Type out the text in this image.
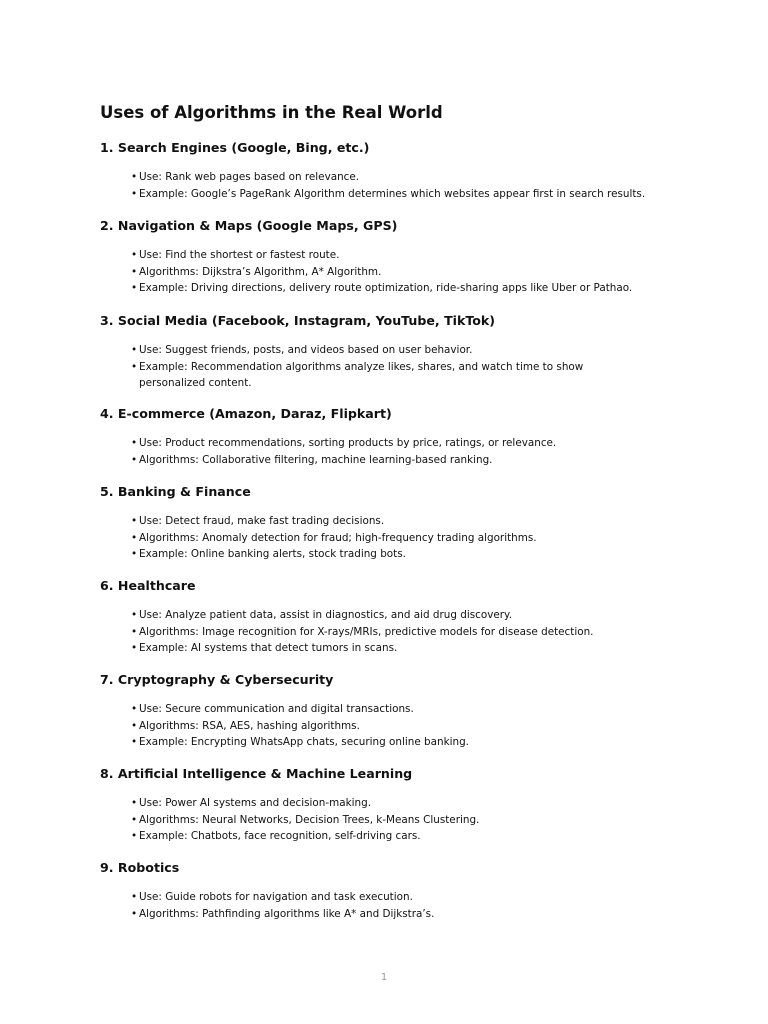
Uses of Algorithms in the Real World
1. Search Engines (Google, Bing, etc.)
• Use: Rank web pages based on relevance.
• Example: Google’s PageRank Algorithm determines which websites appear first in search results.
2. Navigation & Maps (Google Maps, GPS)
• Use: Find the shortest or fastest route.
• Algorithms: Dijkstra’s Algorithm, A* Algorithm.
• Example: Driving directions, delivery route optimization, ride-sharing apps like Uber or Pathao.
3. Social Media (Facebook, Instagram, YouTube, TikTok)
• Use: Suggest friends, posts, and videos based on user behavior.
• Example: Recommendation algorithms analyze likes, shares, and watch time to show personalized content.
4. E-commerce (Amazon, Daraz, Flipkart)
• Use: Product recommendations, sorting products by price, ratings, or relevance.
• Algorithms: Collaborative filtering, machine learning-based ranking.
5. Banking & Finance
• Use: Detect fraud, make fast trading decisions.
• Algorithms: Anomaly detection for fraud; high-frequency trading algorithms.
• Example: Online banking alerts, stock trading bots.
6. Healthcare
• Use: Analyze patient data, assist in diagnostics, and aid drug discovery.
• Algorithms: Image recognition for X-rays/MRIs, predictive models for disease detection.
• Example: AI systems that detect tumors in scans.
7. Cryptography & Cybersecurity
• Use: Secure communication and digital transactions.
• Algorithms: RSA, AES, hashing algorithms.
• Example: Encrypting WhatsApp chats, securing online banking.
8. Artificial Intelligence & Machine Learning
• Use: Power AI systems and decision-making.
• Algorithms: Neural Networks, Decision Trees, k-Means Clustering.
• Example: Chatbots, face recognition, self-driving cars.
9. Robotics
• Use: Guide robots for navigation and task execution.
• Algorithms: Pathfinding algorithms like A* and Dijkstra’s.
1
